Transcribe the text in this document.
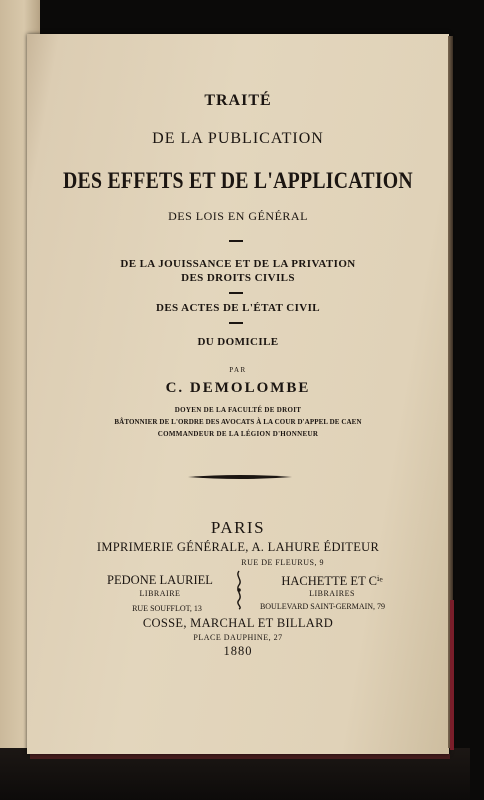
TRAITÉ
DE LA PUBLICATION
DES EFFETS ET DE L'APPLICATION
DES LOIS EN GÉNÉRAL
DE LA JOUISSANCE ET DE LA PRIVATION
DES DROITS CIVILS
DES ACTES DE L'ÉTAT CIVIL
DU DOMICILE
PAR
C. DEMOLOMBE
DOYEN DE LA FACULTÉ DE DROIT
BÂTONNIER DE L'ORDRE DES AVOCATS À LA COUR D'APPEL DE CAEN
COMMANDEUR DE LA LÉGION D'HONNEUR
PARIS
IMPRIMERIE GÉNÉRALE, A. LAHURE ÉDITEUR
RUE DE FLEURUS, 9
PEDONE LAURIEL
LIBRAIRE
RUE SOUFFLOT, 13
HACHETTE ET Cⁱᵉ
LIBRAIRES
BOULEVARD SAINT-GERMAIN, 79
COSSE, MARCHAL ET BILLARD
PLACE DAUPHINE, 27
1880
